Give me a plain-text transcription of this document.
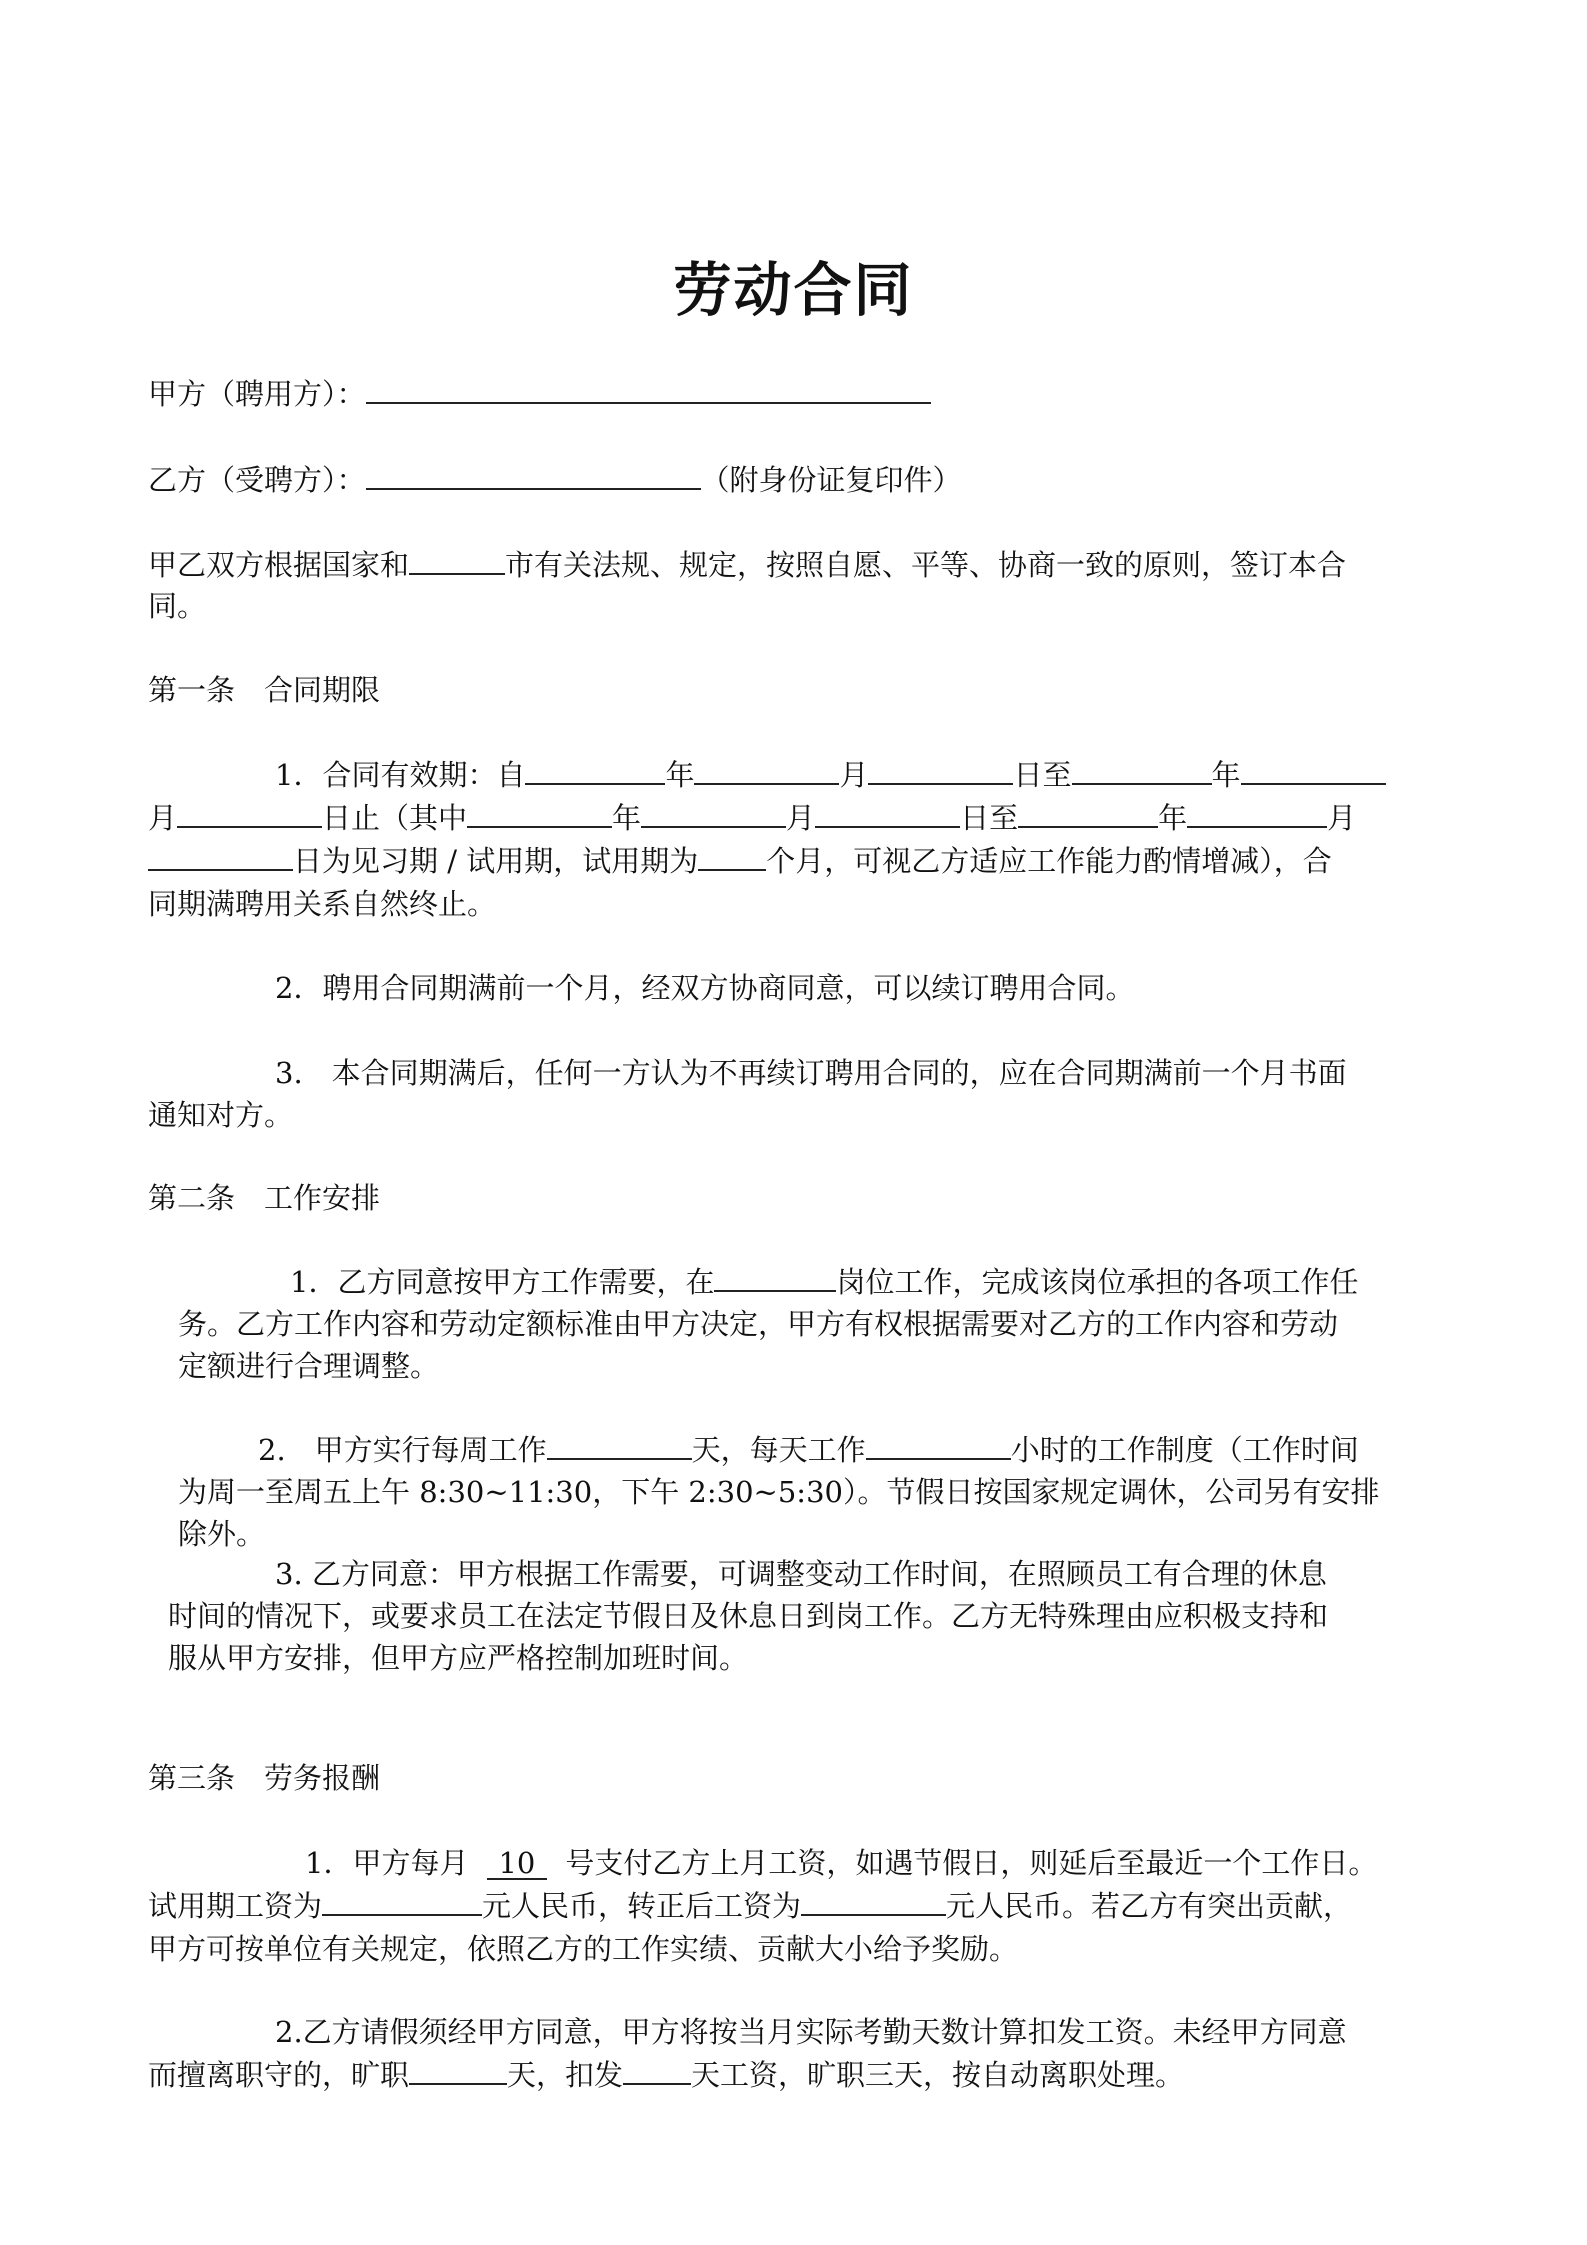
劳动合同
甲方（聘用方）：
乙方（受聘方）：	（附身份证复印件）
甲乙双方根据国家和	市有关法规、规定，按照自愿、平等、协商一致的原则，签订本合
同。
第一条　合同期限
1．合同有效期：自	年	月	日至	年
月	日止（其中	年	月	日至	年	月
日为见习期 / 试用期，试用期为 个月，可视乙方适应工作能力酌情增减），合
同期满聘用关系自然终止。
2．聘用合同期满前一个月，经双方协商同意，可以续订聘用合同。
3.　本合同期满后，任何一方认为不再续订聘用合同的，应在合同期满前一个月书面
通知对方。
第二条　工作安排
1．乙方同意按甲方工作需要，在	岗位工作，完成该岗位承担的各项工作任
务。乙方工作内容和劳动定额标准由甲方决定，甲方有权根据需要对乙方的工作内容和劳动
定额进行合理调整。
2.　甲方实行每周工作	天，每天工作	小时的工作制度（工作时间
为周一至周五上午 8:30~11:30，下午 2:30~5:30）。节假日按国家规定调休，公司另有安排
除外。
3. 乙方同意：甲方根据工作需要，可调整变动工作时间，在照顾员工有合理的休息
时间的情况下，或要求员工在法定节假日及休息日到岗工作。乙方无特殊理由应积极支持和
服从甲方安排，但甲方应严格控制加班时间。
第三条　劳务报酬
1．甲方每月 10 号支付乙方上月工资，如遇节假日，则延后至最近一个工作日。
试用期工资为	元人民币，转正后工资为	元人民币。若乙方有突出贡献，
甲方可按单位有关规定，依照乙方的工作实绩、贡献大小给予奖励。
2.乙方请假须经甲方同意，甲方将按当月实际考勤天数计算扣发工资。未经甲方同意
而擅离职守的，旷职	天，扣发 天工资，旷职三天，按自动离职处理。
